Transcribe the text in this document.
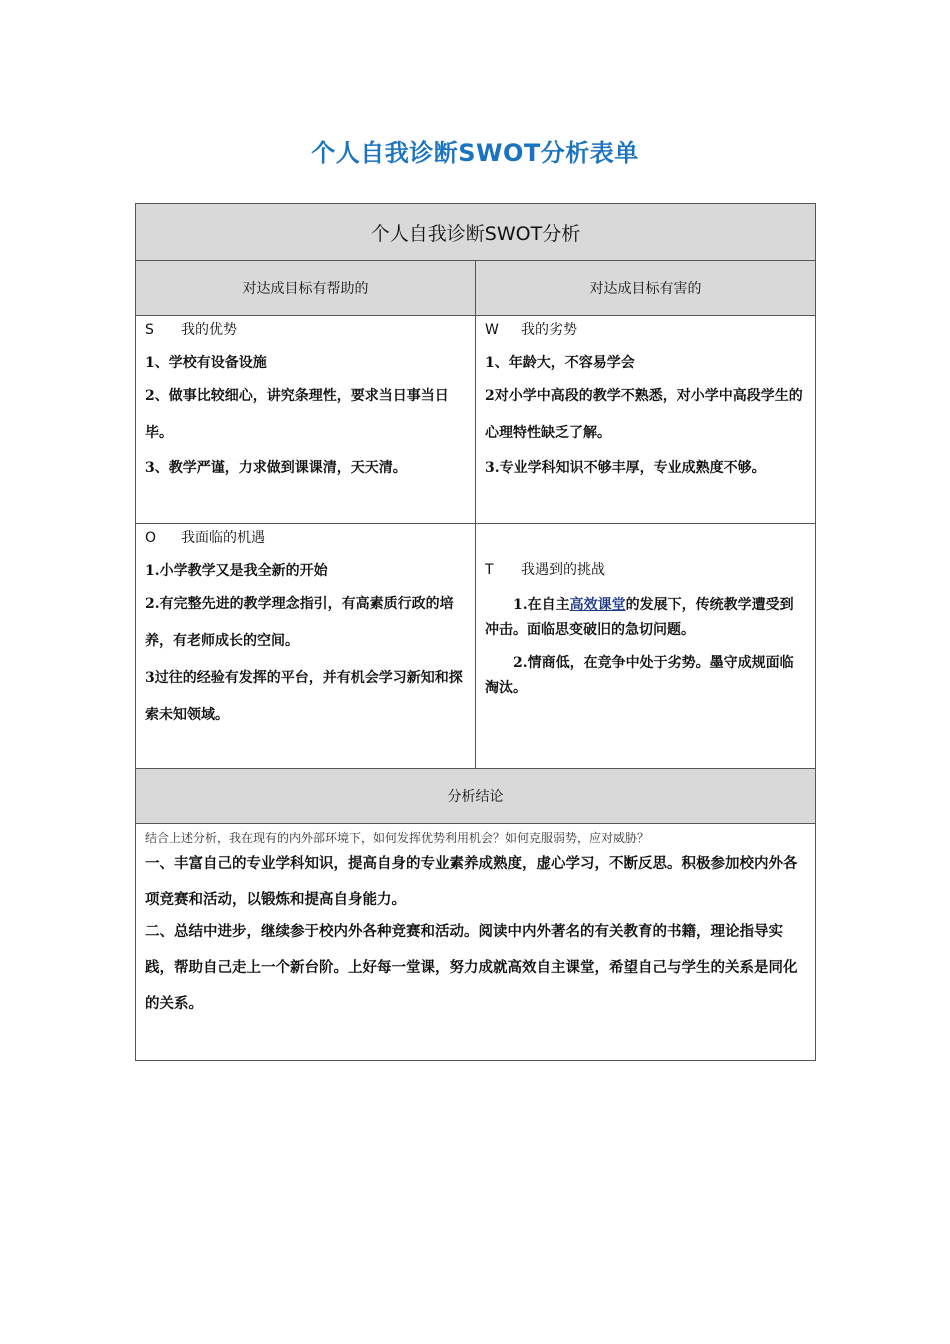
个人自我诊断SWOT分析表单
个人自我诊断SWOT分析
对达成目标有帮助的	对达成目标有害的
S 我的优势
1、学校有设备设施
2、做事比较细心，讲究条理性，要求当日事当日毕。
3、教学严谨，力求做到课课清，天天清。
W 我的劣势
1、年龄大，不容易学会
2对小学中高段的教学不熟悉，对小学中高段学生的心理特性缺乏了解。
3.专业学科知识不够丰厚，专业成熟度不够。
O 我面临的机遇
1.小学教学又是我全新的开始
2.有完整先进的教学理念指引，有高素质行政的培养，有老师成长的空间。
3过往的经验有发挥的平台，并有机会学习新知和探索未知领域。
T 我遇到的挑战
1.在自主高效课堂的发展下，传统教学遭受到冲击。面临思变破旧的急切问题。
2.情商低，在竞争中处于劣势。墨守成规面临淘汰。
分析结论
结合上述分析，我在现有的内外部环境下，如何发挥优势利用机会？如何克服弱势，应对威胁？
一、丰富自己的专业学科知识，提高自身的专业素养成熟度，虚心学习，不断反思。积极参加校内外各项竞赛和活动，以锻炼和提高自身能力。
二、总结中进步，继续参于校内外各种竞赛和活动。阅读中内外著名的有关教育的书籍，理论指导实践，帮助自己走上一个新台阶。上好每一堂课，努力成就高效自主课堂，希望自己与学生的关系是同化的关系。
